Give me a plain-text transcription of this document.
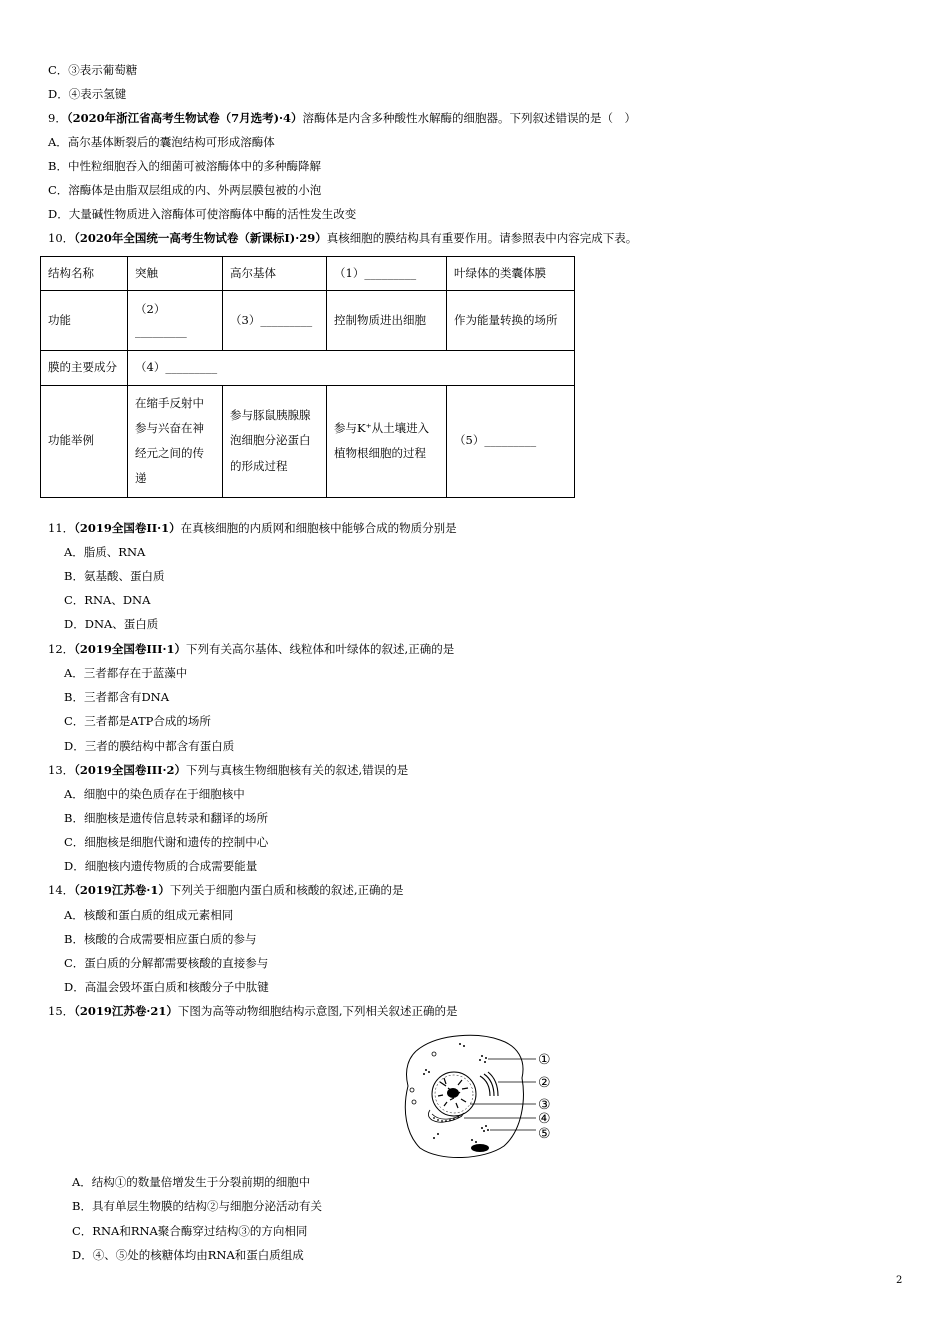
C．③表示葡萄糖
D．④表示氢键
9．（2020年浙江省高考生物试卷（7月选考)·4）溶酶体是内含多种酸性水解酶的细胞器。下列叙述错误的是（　）
A．高尔基体断裂后的囊泡结构可形成溶酶体
B．中性粒细胞吞入的细菌可被溶酶体中的多种酶降解
C．溶酶体是由脂双层组成的内、外两层膜包被的小泡
D．大量碱性物质进入溶酶体可使溶酶体中酶的活性发生改变
10．（2020年全国统一高考生物试卷（新课标Ⅰ)·29）真核细胞的膜结构具有重要作用。请参照表中内容完成下表。
结构名称	突触	高尔基体	（1）_________	叶绿体的类囊体膜
功能	（2）_________	（3）_________	控制物质进出细胞	作为能量转换的场所
膜的主要成分	（4）_________			
功能举例	在缩手反射中参与兴奋在神经元之间的传递	参与豚鼠胰腺腺泡细胞分泌蛋白的形成过程	参与K⁺从土壤进入植物根细胞的过程	（5）_________
11．（2019全国卷II·1）在真核细胞的内质网和细胞核中能够合成的物质分别是
A．脂质、RNA
B．氨基酸、蛋白质
C．RNA、DNA
D．DNA、蛋白质
12．（2019全国卷III·1）下列有关高尔基体、线粒体和叶绿体的叙述,正确的是
A．三者都存在于蓝藻中
B．三者都含有DNA
C．三者都是ATP合成的场所
D．三者的膜结构中都含有蛋白质
13．（2019全国卷III·2）下列与真核生物细胞核有关的叙述,错误的是
A．细胞中的染色质存在于细胞核中
B．细胞核是遗传信息转录和翻译的场所
C．细胞核是细胞代谢和遗传的控制中心
D．细胞核内遗传物质的合成需要能量
14．（2019江苏卷·1）下列关于细胞内蛋白质和核酸的叙述,正确的是
A．核酸和蛋白质的组成元素相同
B．核酸的合成需要相应蛋白质的参与
C．蛋白质的分解都需要核酸的直接参与
D．高温会毁坏蛋白质和核酸分子中肽键
15．（2019江苏卷·21）下图为高等动物细胞结构示意图,下列相关叙述正确的是
①
②
③
④
⑤
A．结构①的数量倍增发生于分裂前期的细胞中
B．具有单层生物膜的结构②与细胞分泌活动有关
C．RNA和RNA聚合酶穿过结构③的方向相同
D．④、⑤处的核糖体均由RNA和蛋白质组成
2
